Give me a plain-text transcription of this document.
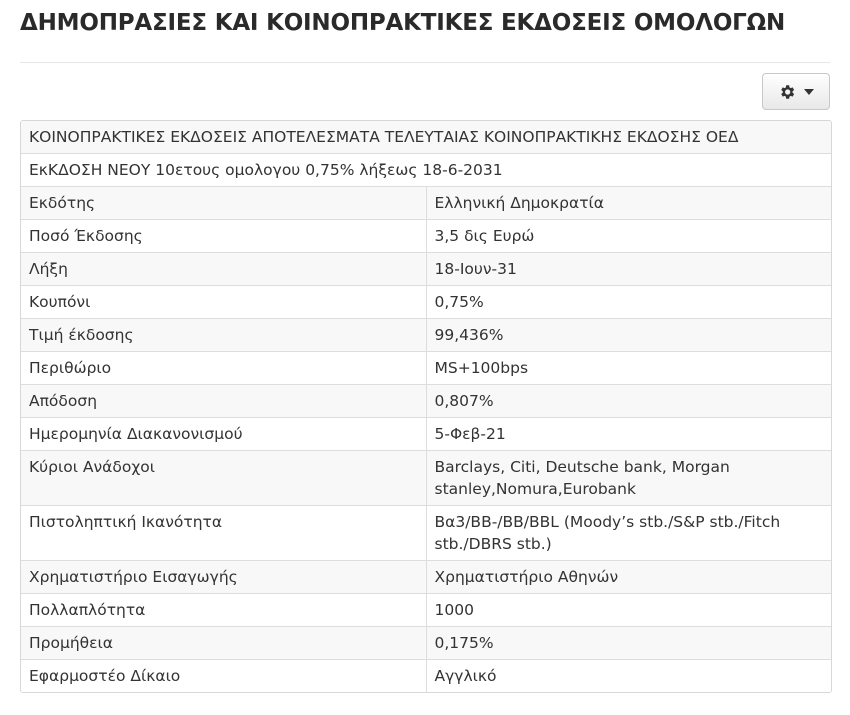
ΔΗΜΟΠΡΑΣΙΕΣ ΚΑΙ ΚΟΙΝΟΠΡΑΚΤΙΚΕΣ ΕΚΔΟΣΕΙΣ ΟΜΟΛΟΓΩΝ
ΚΟΙΝΟΠΡΑΚΤΙΚΕΣ ΕΚΔΟΣΕΙΣ ΑΠΟΤΕΛΕΣΜΑΤΑ ΤΕΛΕΥΤΑΙΑΣ ΚΟΙΝΟΠΡΑΚΤΙΚΗΣ ΕΚΔΟΣΗΣ ΟΕΔ	
ΕκΚΔΟΣΗ ΝΕΟΥ 10ετους ομολογου 0,75% λήξεως 18-6-2031	
Εκδότης	Ελληνική Δημοκρατία
Ποσό Έκδοσης	3,5 δις Ευρώ
Λήξη	18-Ιουν-31
Κουπόνι	0,75%
Τιμή έκδοσης	99,436%
Περιθώριο	MS+100bps
Απόδοση	0,807%
Ημερομηνία Διακανονισμού	5-Φεβ-21
Κύριοι Ανάδοχοι	Barclays, Citi, Deutsche bank, Morgan stanley,Nomura,Eurobank
Πιστοληπτική Ικανότητα	Βα3/BB-/BB/BBL (Moody’s stb./S&P stb./Fitch stb./DBRS stb.)
Χρηματιστήριο Εισαγωγής	Χρηματιστήριο Αθηνών
Πολλαπλότητα	1000
Προμήθεια	0,175%
Εφαρμοστέο Δίκαιο	Αγγλικό
